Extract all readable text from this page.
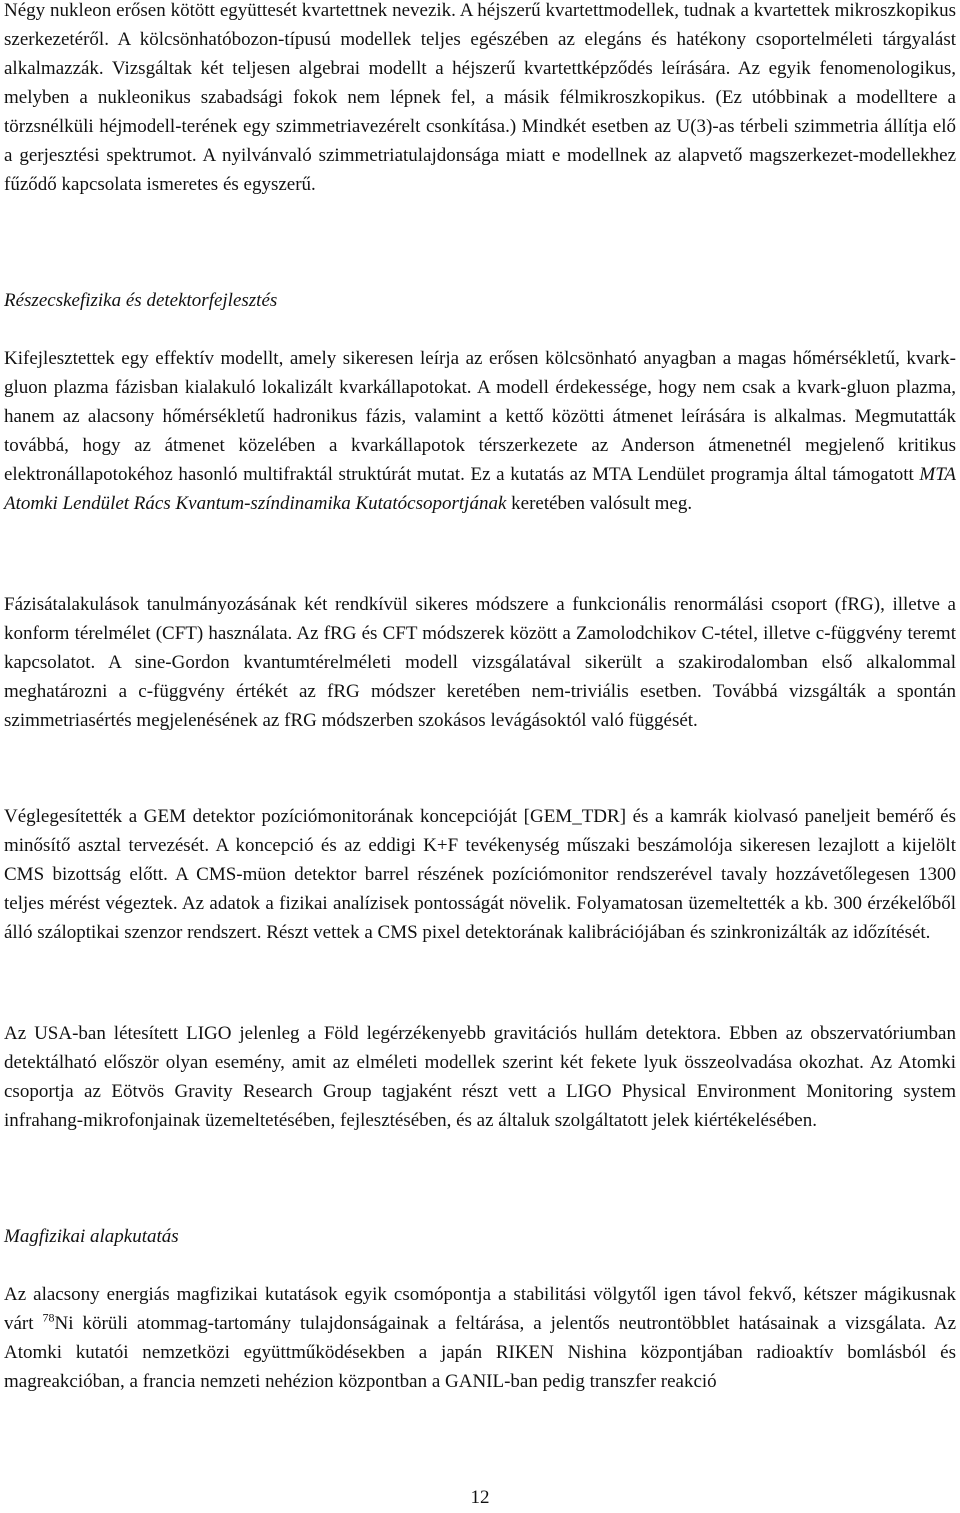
Négy nukleon erősen kötött együttesét kvartettnek nevezik. A héjszerű kvartettmodellek, tudnak a kvartettek mikroszkopikus szerkezetéről. A kölcsönhatóbozon-típusú modellek teljes egészében az elegáns és hatékony csoportelméleti tárgyalást alkalmazzák. Vizsgáltak két teljesen algebrai modellt a héjszerű kvartettképződés leírására. Az egyik fenomenologikus, melyben a nukleonikus szabadsági fokok nem lépnek fel, a másik félmikroszkopikus. (Ez utóbbinak a modelltere a törzsnélküli héjmodell-terének egy szimmetriavezérelt csonkítása.) Mindkét esetben az U(3)-as térbeli szimmetria állítja elő a gerjesztési spektrumot. A nyilvánvaló szimmetriatulajdonsága miatt e modellnek az alapvető magszerkezet-modellekhez fűződő kapcsolata ismeretes és egyszerű.

Részecskefizika és detektorfejlesztés

Kifejlesztettek egy effektív modellt, amely sikeresen leírja az erősen kölcsönható anyagban a magas hőmérsékletű, kvark-gluon plazma fázisban kialakuló lokalizált kvarkállapotokat. A modell érdekessége, hogy nem csak a kvark-gluon plazma, hanem az alacsony hőmérsékletű hadronikus fázis, valamint a kettő közötti átmenet leírására is alkalmas. Megmutatták továbbá, hogy az átmenet közelében a kvarkállapotok térszerkezete az Anderson átmenetnél megjelenő kritikus elektronállapotokéhoz hasonló multifraktál struktúrát mutat. Ez a kutatás az MTA Lendület programja által támogatott MTA Atomki Lendület Rács Kvantum-színdinamika Kutatócsoportjának keretében valósult meg.

Fázisátalakulások tanulmányozásának két rendkívül sikeres módszere a funkcionális renormálási csoport (fRG), illetve a konform térelmélet (CFT) használata. Az fRG és CFT módszerek között a Zamolodchikov C-tétel, illetve c-függvény teremt kapcsolatot. A sine-Gordon kvantumtérelméleti modell vizsgálatával sikerült a szakirodalomban első alkalommal meghatározni a c-függvény értékét az fRG módszer keretében nem-triviális esetben. Továbbá vizsgálták a spontán szimmetriasértés megjelenésének az fRG módszerben szokásos levágásoktól való függését.

Véglegesítették a GEM detektor pozíciómonitorának koncepcióját [GEM_TDR] és a kamrák kiolvasó paneljeit bemérő és minősítő asztal tervezését. A koncepció és az eddigi K+F tevékenység műszaki beszámolója sikeresen lezajlott a kijelölt CMS bizottság előtt. A CMS-müon detektor barrel részének pozíciómonitor rendszerével tavaly hozzávetőlegesen 1300 teljes mérést végeztek. Az adatok a fizikai analízisek pontosságát növelik. Folyamatosan üzemeltették a kb. 300 érzékelőből álló száloptikai szenzor rendszert. Részt vettek a CMS pixel detektorának kalibrációjában és szinkronizálták az időzítését.

Az USA-ban létesített LIGO jelenleg a Föld legérzékenyebb gravitációs hullám detektora. Ebben az obszervatóriumban detektálható először olyan esemény, amit az elméleti modellek szerint két fekete lyuk összeolvadása okozhat. Az Atomki csoportja az Eötvös Gravity Research Group tagjaként részt vett a LIGO Physical Environment Monitoring system infrahang-mikrofonjainak üzemeltetésében, fejlesztésében, és az általuk szolgáltatott jelek kiértékelésében.

Magfizikai alapkutatás

Az alacsony energiás magfizikai kutatások egyik csomópontja a stabilitási völgytől igen távol fekvő, kétszer mágikusnak várt $^{78}$Ni körüli atommag-tartomány tulajdonságainak a feltárása, a jelentős neutrontöbblet hatásainak a vizsgálata. Az Atomki kutatói nemzetközi együttműködésekben a japán RIKEN Nishina központjában radioaktív bomlásból és magreakcióban, a francia nemzeti nehézion központban a GANIL-ban pedig transzfer reakció

12
